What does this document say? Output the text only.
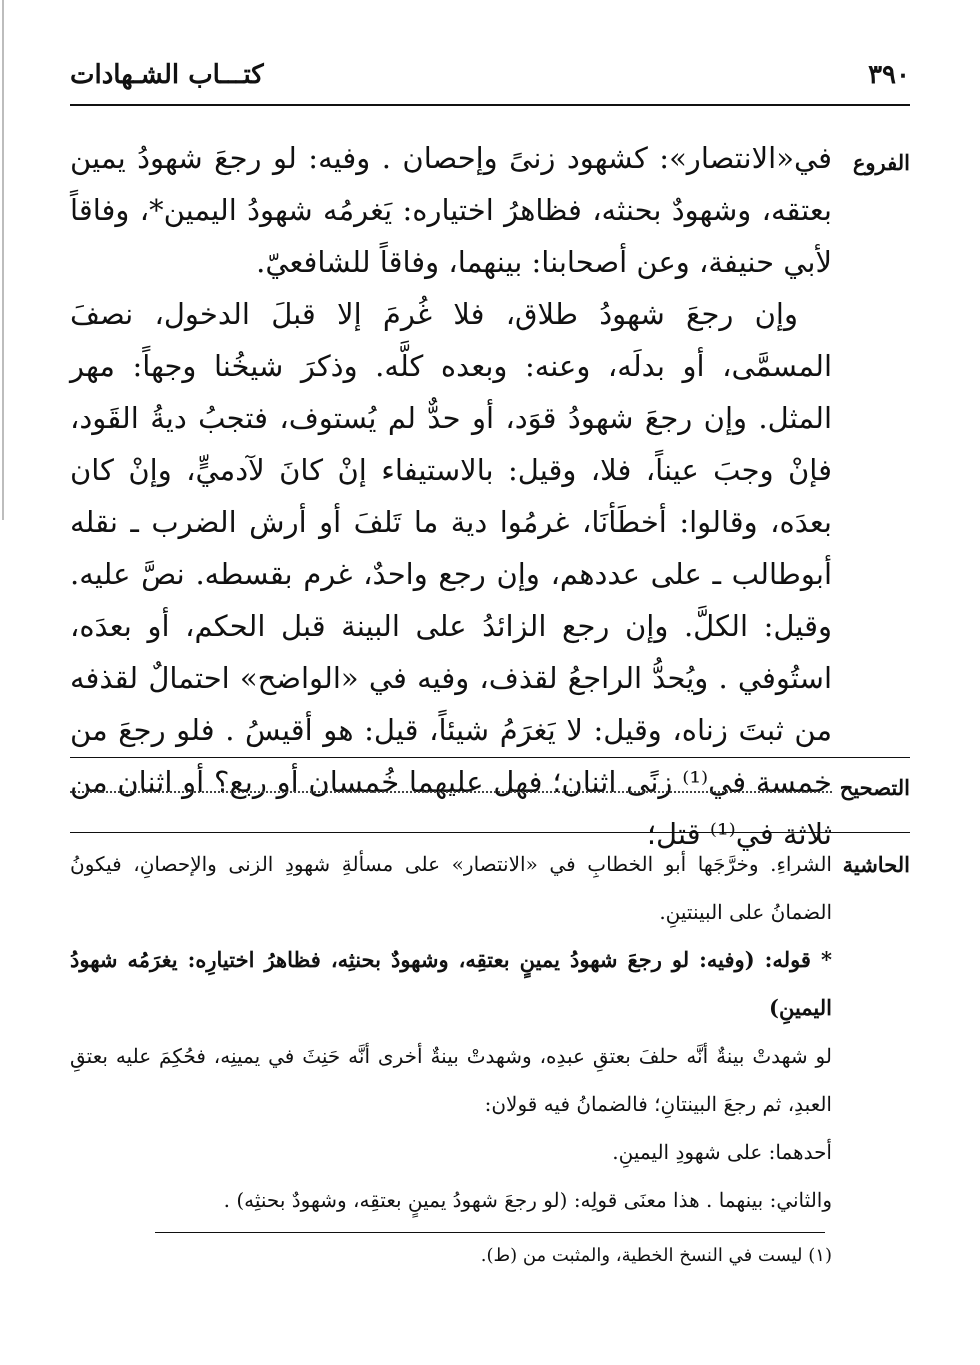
كتـــاب الشـهادات	٣٩٠
الفروع

في«الانتصار»: كشهود زنىً وإحصان . وفيه: لو رجعَ شهودُ يمين بعتقه، وشهودٌ بحنثه، فظاهرُ اختياره: يَغرمُه شهودُ اليمين*، وفاقاً لأبي حنيفة، وعن أصحابنا: بينهما، وفاقاً للشافعيّ.

وإن رجعَ شهودُ طلاق، فلا غُرمَ إلا قبلَ الدخول، نصفَ المسمَّى، أو بدلَه، وعنه: وبعده كلَّه. وذكرَ شيخُنا وجهاً: مهر المثل. وإن رجعَ شهودُ قوَد، أو حدٌّ لم يُستوف، فتجبُ ديةُ القَود، فإنْ وجبَ عيناً، فلا، وقيل: بالاستيفاء إنْ كانَ لآدميٍّ، وإنْ كان بعدَه، وقالوا: أخطَأنَا، غرمُوا دية ما تَلفَ أو أرش الضرب ـ نقله أبوطالب ـ على عددهم، وإن رجع واحدٌ، غرم بقسطه. نصَّ عليه. وقيل: الكلَّ. وإن رجع الزائدُ على البينة قبل الحكم، أو بعدَه، استُوفي . ويُحدُّ الراجعُ لقذف، وفيه في «الواضح» احتمالٌ لقذفه من ثبتَ زناه، وقيل: لا يَغرَمُ شيئاً، قيل: هو أقيسُ . فلو رجعَ من خمسة في⁽¹⁾ زنًى اثنان؛ فهل عليهما خُمسان أو ربع؟ أو اثنان من ثلاثة في⁽¹⁾ قتل؛

التصحيح
الحاشية

الشراءِ. وخرَّجَها أبو الخطابِ في «الانتصار» على مسألةِ شهودِ الزنى والإحصانِ، فيكونُ الضمانُ على البينتينِ.

* قوله: (وفيه: لو رجعَ شهودُ يمينٍ بعتقِه، وشهودٌ بحنثِه، فظاهرُ اختيارِه: يغرَمُه شهودُ اليمينِ)

لو شهدتْ بينةٌ أنَّه حلفَ بعتقِ عبدِه، وشهدتْ بينةٌ أخرى أنَّه حَنِثَ في يمينِه، فحُكِمَ عليه بعتقِ العبدِ، ثم رجعَ البينتانِ؛ فالضمانُ فيه قولان:

أحدهما: على شهودِ اليمينِ.

والثاني: بينهما . هذا معنَى قولِه: (لو رجعَ شهودُ يمينٍ بعتقِه، وشهودٌ بحنثِه) .

(١) ليست في النسخ الخطية، والمثبت من (ط).
